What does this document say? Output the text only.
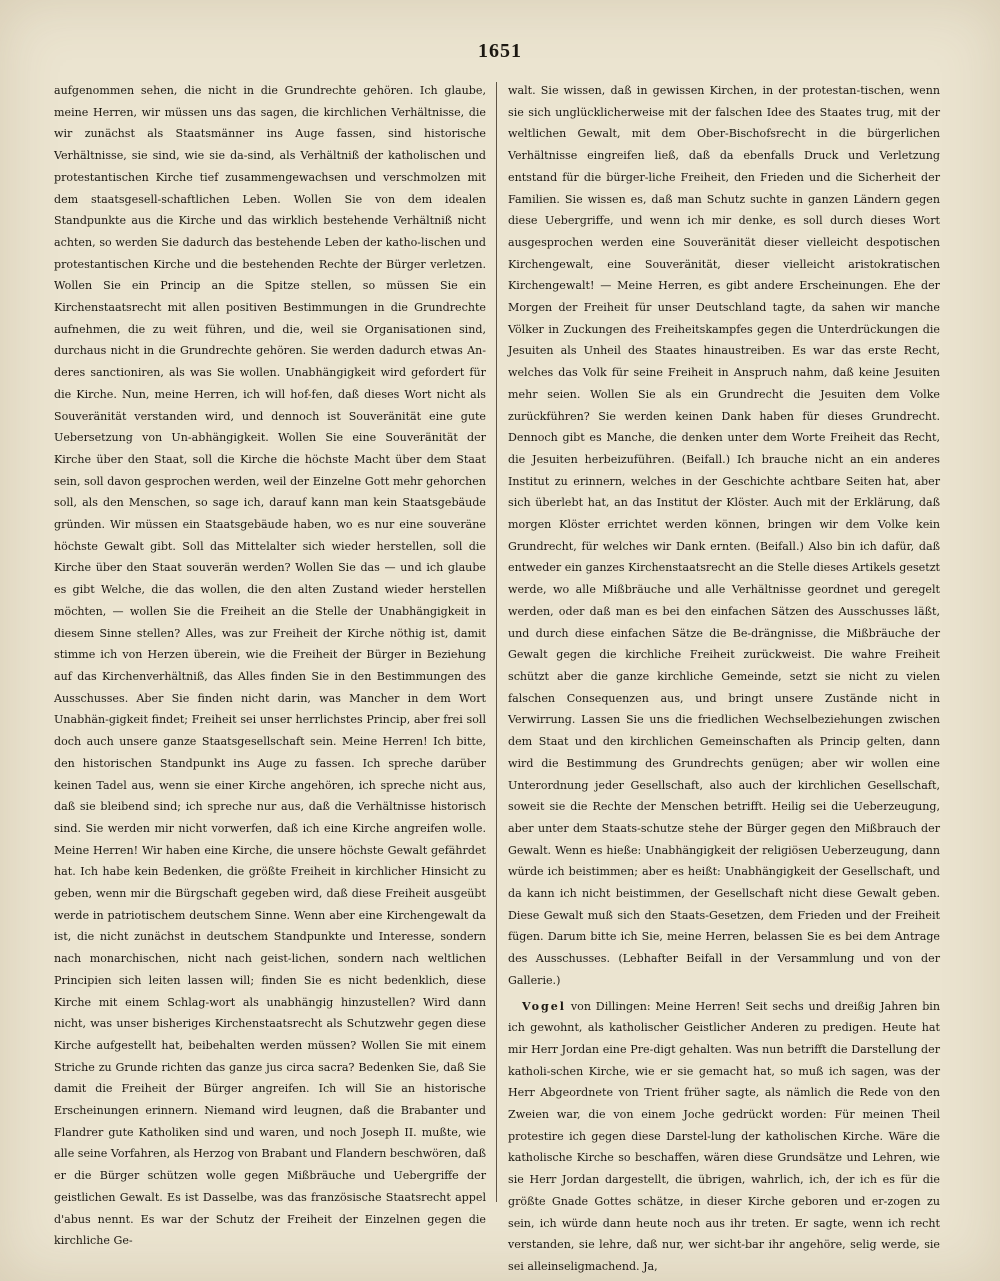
1651

aufgenommen sehen, die nicht in die Grundrechte gehören. Ich glaube, meine Herren, wir müssen uns das sagen, die kirchlichen Verhältnisse, die wir zunächst als Staatsmänner ins Auge fassen, sind historische Verhältnisse, sie sind, wie sie da-sind, als Verhältniß der katholischen und protestantischen Kirche tief zusammengewachsen und verschmolzen mit dem staatsgesell-schaftlichen Leben. Wollen Sie von dem idealen Standpunkte aus die Kirche und das wirklich bestehende Verhältniß nicht achten, so werden Sie dadurch das bestehende Leben der katho-lischen und protestantischen Kirche und die bestehenden Rechte der Bürger verletzen. Wollen Sie ein Princip an die Spitze stellen, so müssen Sie ein Kirchenstaatsrecht mit allen positiven Bestimmungen in die Grundrechte aufnehmen, die zu weit führen, und die, weil sie Organisationen sind, durchaus nicht in die Grundrechte gehören. Sie werden dadurch etwas An-deres sanctioniren, als was Sie wollen. Unabhängigkeit wird gefordert für die Kirche. Nun, meine Herren, ich will hof-fen, daß dieses Wort nicht als Souveränität verstanden wird, und dennoch ist Souveränität eine gute Uebersetzung von Un-abhängigkeit. Wollen Sie eine Souveränität der Kirche über den Staat, soll die Kirche die höchste Macht über dem Staat sein, soll davon gesprochen werden, weil der Einzelne Gott mehr gehorchen soll, als den Menschen, so sage ich, darauf kann man kein Staatsgebäude gründen. Wir müssen ein Staatsgebäude haben, wo es nur eine souveräne höchste Gewalt gibt. Soll das Mittelalter sich wieder herstellen, soll die Kirche über den Staat souverän werden? Wollen Sie das — und ich glaube es gibt Welche, die das wollen, die den alten Zustand wieder herstellen möchten, — wollen Sie die Freiheit an die Stelle der Unabhängigkeit in diesem Sinne stellen? Alles, was zur Freiheit der Kirche nöthig ist, damit stimme ich von Herzen überein, wie die Freiheit der Bürger in Beziehung auf das Kirchenverhältniß, das Alles finden Sie in den Bestimmungen des Ausschusses. Aber Sie finden nicht darin, was Mancher in dem Wort Unabhän-gigkeit findet; Freiheit sei unser herrlichstes Princip, aber frei soll doch auch unsere ganze Staatsgesellschaft sein. Meine Herren! Ich bitte, den historischen Standpunkt ins Auge zu fassen. Ich spreche darüber keinen Tadel aus, wenn sie einer Kirche angehören, ich spreche nicht aus, daß sie bleibend sind; ich spreche nur aus, daß die Verhältnisse historisch sind. Sie werden mir nicht vorwerfen, daß ich eine Kirche angreifen wolle. Meine Herren! Wir haben eine Kirche, die unsere höchste Gewalt gefährdet hat. Ich habe kein Bedenken, die größte Freiheit in kirchlicher Hinsicht zu geben, wenn mir die Bürgschaft gegeben wird, daß diese Freiheit ausgeübt werde in patriotischem deutschem Sinne. Wenn aber eine Kirchengewalt da ist, die nicht zunächst in deutschem Standpunkte und Interesse, sondern nach monarchischen, nicht nach geist-lichen, sondern nach weltlichen Principien sich leiten lassen will; finden Sie es nicht bedenklich, diese Kirche mit einem Schlag-wort als unabhängig hinzustellen? Wird dann nicht, was unser bisheriges Kirchenstaatsrecht als Schutzwehr gegen diese Kirche aufgestellt hat, beibehalten werden müssen? Wollen Sie mit einem Striche zu Grunde richten das ganze jus circa sacra? Bedenken Sie, daß Sie damit die Freiheit der Bürger angreifen. Ich will Sie an historische Erscheinungen erinnern. Niemand wird leugnen, daß die Brabanter und Flandrer gute Katholiken sind und waren, und noch Joseph II. mußte, wie alle seine Vorfahren, als Herzog von Brabant und Flandern beschwören, daß er die Bürger schützen wolle gegen Mißbräuche und Uebergriffe der geistlichen Gewalt. Es ist Dasselbe, was das französische Staatsrecht appel d'abus nennt. Es war der Schutz der Freiheit der Einzelnen gegen die kirchliche Ge-

walt. Sie wissen, daß in gewissen Kirchen, in der protestan-tischen, wenn sie sich unglücklicherweise mit der falschen Idee des Staates trug, mit der weltlichen Gewalt, mit dem Ober-Bischofsrecht in die bürgerlichen Verhältnisse eingreifen ließ, daß da ebenfalls Druck und Verletzung entstand für die bürger-liche Freiheit, den Frieden und die Sicherheit der Familien. Sie wissen es, daß man Schutz suchte in ganzen Ländern gegen diese Uebergriffe, und wenn ich mir denke, es soll durch dieses Wort ausgesprochen werden eine Souveränität dieser vielleicht despotischen Kirchengewalt, eine Souveränität, dieser vielleicht aristokratischen Kirchengewalt! — Meine Herren, es gibt andere Erscheinungen. Ehe der Morgen der Freiheit für unser Deutschland tagte, da sahen wir manche Völker in Zuckungen des Freiheitskampfes gegen die Unterdrückungen die Jesuiten als Unheil des Staates hinaustreiben. Es war das erste Recht, welches das Volk für seine Freiheit in Anspruch nahm, daß keine Jesuiten mehr seien. Wollen Sie als ein Grundrecht die Jesuiten dem Volke zurückführen? Sie werden keinen Dank haben für dieses Grundrecht. Dennoch gibt es Manche, die denken unter dem Worte Freiheit das Recht, die Jesuiten herbeizuführen. (Beifall.) Ich brauche nicht an ein anderes Institut zu erinnern, welches in der Geschichte achtbare Seiten hat, aber sich überlebt hat, an das Institut der Klöster. Auch mit der Erklärung, daß morgen Klöster errichtet werden können, bringen wir dem Volke kein Grundrecht, für welches wir Dank ernten. (Beifall.) Also bin ich dafür, daß entweder ein ganzes Kirchenstaatsrecht an die Stelle dieses Artikels gesetzt werde, wo alle Mißbräuche und alle Verhältnisse geordnet und geregelt werden, oder daß man es bei den einfachen Sätzen des Ausschusses läßt, und durch diese einfachen Sätze die Be-drängnisse, die Mißbräuche der Gewalt gegen die kirchliche Freiheit zurückweist. Die wahre Freiheit schützt aber die ganze kirchliche Gemeinde, setzt sie nicht zu vielen falschen Consequenzen aus, und bringt unsere Zustände nicht in Verwirrung. Lassen Sie uns die friedlichen Wechselbeziehungen zwischen dem Staat und den kirchlichen Gemeinschaften als Princip gelten, dann wird die Bestimmung des Grundrechts genügen; aber wir wollen eine Unterordnung jeder Gesellschaft, also auch der kirchlichen Gesellschaft, soweit sie die Rechte der Menschen betrifft. Heilig sei die Ueberzeugung, aber unter dem Staats-schutze stehe der Bürger gegen den Mißbrauch der Gewalt. Wenn es hieße: Unabhängigkeit der religiösen Ueberzeugung, dann würde ich beistimmen; aber es heißt: Unabhängigkeit der Gesellschaft, und da kann ich nicht beistimmen, der Gesellschaft nicht diese Gewalt geben. Diese Gewalt muß sich den Staats-Gesetzen, dem Frieden und der Freiheit fügen. Darum bitte ich Sie, meine Herren, belassen Sie es bei dem Antrage des Ausschusses. (Lebhafter Beifall in der Versammlung und von der Gallerie.)

Vogel von Dillingen: Meine Herren! Seit sechs und dreißig Jahren bin ich gewohnt, als katholischer Geistlicher Anderen zu predigen. Heute hat mir Herr Jordan eine Pre-digt gehalten. Was nun betrifft die Darstellung der katholi-schen Kirche, wie er sie gemacht hat, so muß ich sagen, was der Herr Abgeordnete von Trient früher sagte, als nämlich die Rede von den Zweien war, die von einem Joche gedrückt worden: Für meinen Theil protestire ich gegen diese Darstel-lung der katholischen Kirche. Wäre die katholische Kirche so beschaffen, wären diese Grundsätze und Lehren, wie sie Herr Jordan dargestellt, die übrigen, wahrlich, ich, der ich es für die größte Gnade Gottes schätze, in dieser Kirche geboren und er-zogen zu sein, ich würde dann heute noch aus ihr treten. Er sagte, wenn ich recht verstanden, sie lehre, daß nur, wer sicht-bar ihr angehöre, selig werde, sie sei alleinseligmachend. Ja,
